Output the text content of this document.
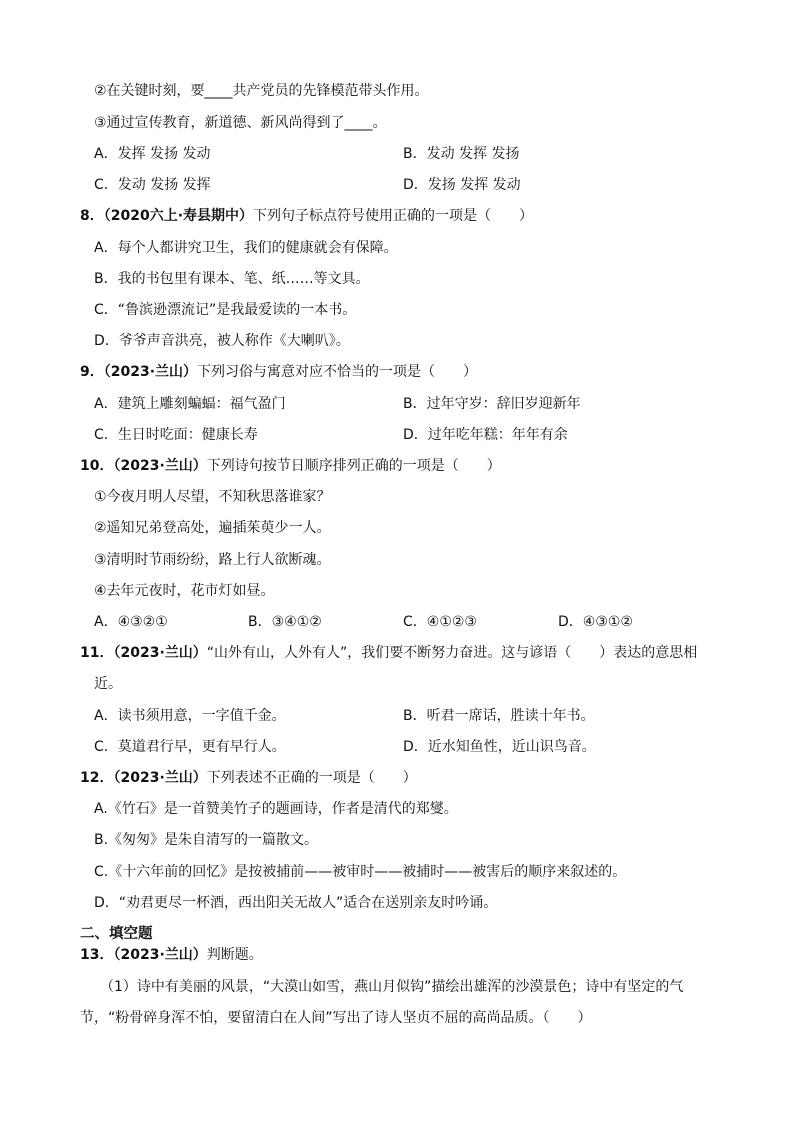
②在关键时刻，要____共产党员的先锋模范带头作用。
③通过宣传教育，新道德、新风尚得到了____。
A．发挥 发扬 发动	B．发动 发挥 发扬
C．发动 发扬 发挥	D．发扬 发挥 发动
8．（2020六上·寿县期中）下列句子标点符号使用正确的一项是（　　）
A．每个人都讲究卫生，我们的健康就会有保障。
B．我的书包里有课本、笔、纸……等文具。
C．“鲁滨逊漂流记”是我最爱读的一本书。
D．爷爷声音洪亮，被人称作《大喇叭》。
9．（2023·兰山）下列习俗与寓意对应不恰当的一项是（　　）
A．建筑上雕刻蝙蝠：福气盈门	B．过年守岁：辞旧岁迎新年
C．生日时吃面：健康长寿	D．过年吃年糕：年年有余
10．（2023·兰山）下列诗句按节日顺序排列正确的一项是（　　）
①今夜月明人尽望，不知秋思落谁家？
②遥知兄弟登高处，遍插茱萸少一人。
③清明时节雨纷纷，路上行人欲断魂。
④去年元夜时，花市灯如昼。
A．④③②①	B．③④①②	C．④①②③	D．④③①②
11．（2023·兰山）“山外有山，人外有人”，我们要不断努力奋进。这与谚语（　　）表达的意思相
近。
A．读书须用意，一字值千金。	B．听君一席话，胜读十年书。
C．莫道君行早，更有早行人。	D．近水知鱼性，近山识鸟音。
12．（2023·兰山）下列表述不正确的一项是（　　）
A.《竹石》是一首赞美竹子的题画诗，作者是清代的郑燮。
B.《匆匆》是朱自清写的一篇散文。
C.《十六年前的回忆》是按被捕前——被审时——被捕时——被害后的顺序来叙述的。
D．“劝君更尽一杯酒，西出阳关无故人”适合在送别亲友时吟诵。
二、填空题
13．（2023·兰山）判断题。
（1）诗中有美丽的风景，“大漠山如雪，燕山月似钩”描绘出雄浑的沙漠景色；诗中有坚定的气
节，“粉骨碎身浑不怕，要留清白在人间”写出了诗人坚贞不屈的高尚品质。（　　）
